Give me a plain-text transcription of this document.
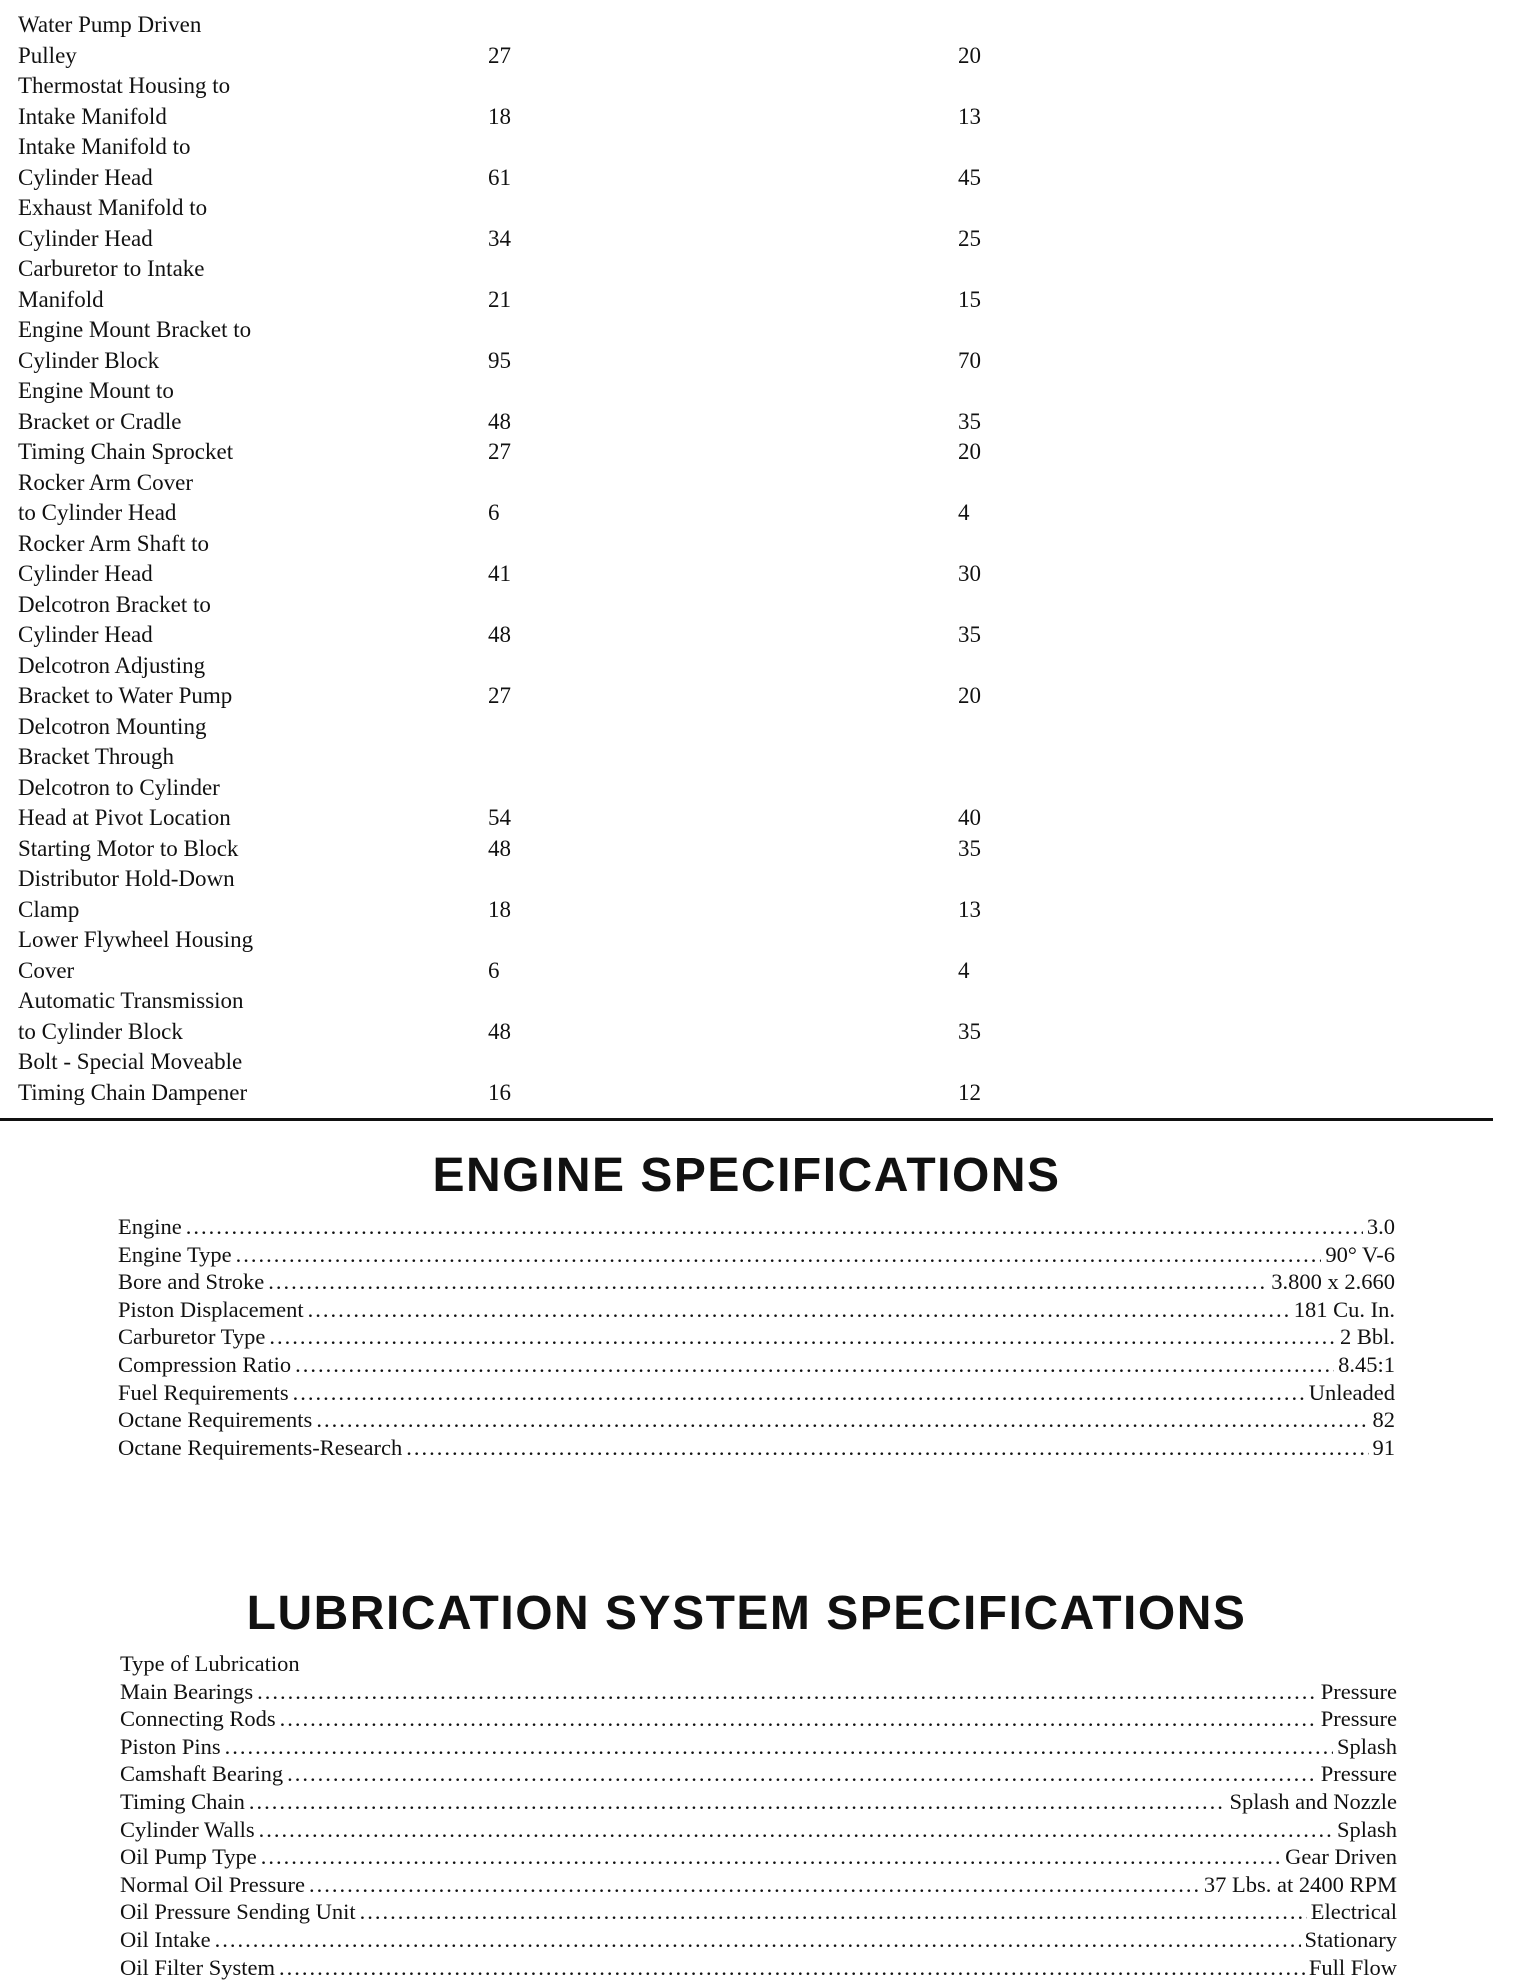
Water Pump Driven
Pulley	27	20
Thermostat Housing to
Intake Manifold	18	13
Intake Manifold to
Cylinder Head	61	45
Exhaust Manifold to
Cylinder Head	34	25
Carburetor to Intake
Manifold	21	15
Engine Mount Bracket to
Cylinder Block	95	70
Engine Mount to
Bracket or Cradle	48	35
Timing Chain Sprocket	27	20
Rocker Arm Cover
to Cylinder Head	6	4
Rocker Arm Shaft to
Cylinder Head	41	30
Delcotron Bracket to
Cylinder Head	48	35
Delcotron Adjusting
Bracket to Water Pump	27	20
Delcotron Mounting
Bracket Through
Delcotron to Cylinder
Head at Pivot Location	54	40
Starting Motor to Block	48	35
Distributor Hold-Down
Clamp	18	13
Lower Flywheel Housing
Cover	6	4
Automatic Transmission
to Cylinder Block	48	35
Bolt - Special Moveable
Timing Chain Dampener	16	12
ENGINE SPECIFICATIONS
Engine .....	3.0
Engine Type .....	90° V-6
Bore and Stroke .....	3.800 x 2.660
Piston Displacement .....	181 Cu. In.
Carburetor Type .....	2 Bbl.
Compression Ratio .....	8.45:1
Fuel Requirements .....	Unleaded
Octane Requirements .....	82
Octane Requirements-Research .....	91
LUBRICATION SYSTEM SPECIFICATIONS
Type of Lubrication
Main Bearings .....	Pressure
Connecting Rods .....	Pressure
Piston Pins .....	Splash
Camshaft Bearing .....	Pressure
Timing Chain .....	Splash and Nozzle
Cylinder Walls .....	Splash
Oil Pump Type .....	Gear Driven
Normal Oil Pressure .....	37 Lbs. at 2400 RPM
Oil Pressure Sending Unit .....	Electrical
Oil Intake .....	Stationary
Oil Filter System .....	Full Flow
